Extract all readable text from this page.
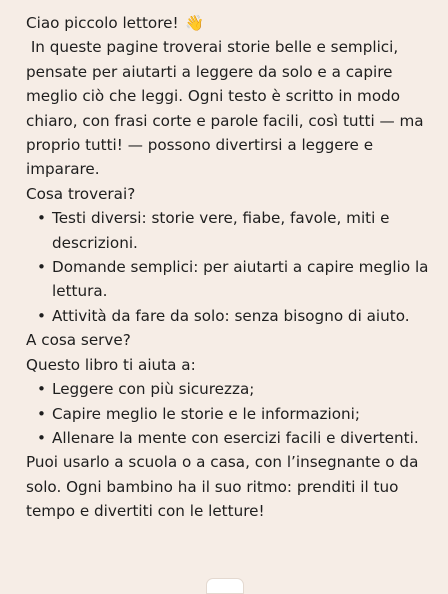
Ciao piccolo lettore! 👋

In queste pagine troverai storie belle e semplici, pensate per aiutarti a leggere da solo e a capire meglio ciò che leggi. Ogni testo è scritto in modo chiaro, con frasi corte e parole facili, così tutti — ma proprio tutti! — possono divertirsi a leggere e imparare.

Cosa troverai?

• Testi diversi: storie vere, fiabe, favole, miti e descrizioni.
• Domande semplici: per aiutarti a capire meglio la lettura.
• Attività da fare da solo: senza bisogno di aiuto.

A cosa serve?

Questo libro ti aiuta a:

• Leggere con più sicurezza;
• Capire meglio le storie e le informazioni;
• Allenare la mente con esercizi facili e divertenti.

Puoi usarlo a scuola o a casa, con l’insegnante o da solo. Ogni bambino ha il suo ritmo: prenditi il tuo tempo e divertiti con le letture!
